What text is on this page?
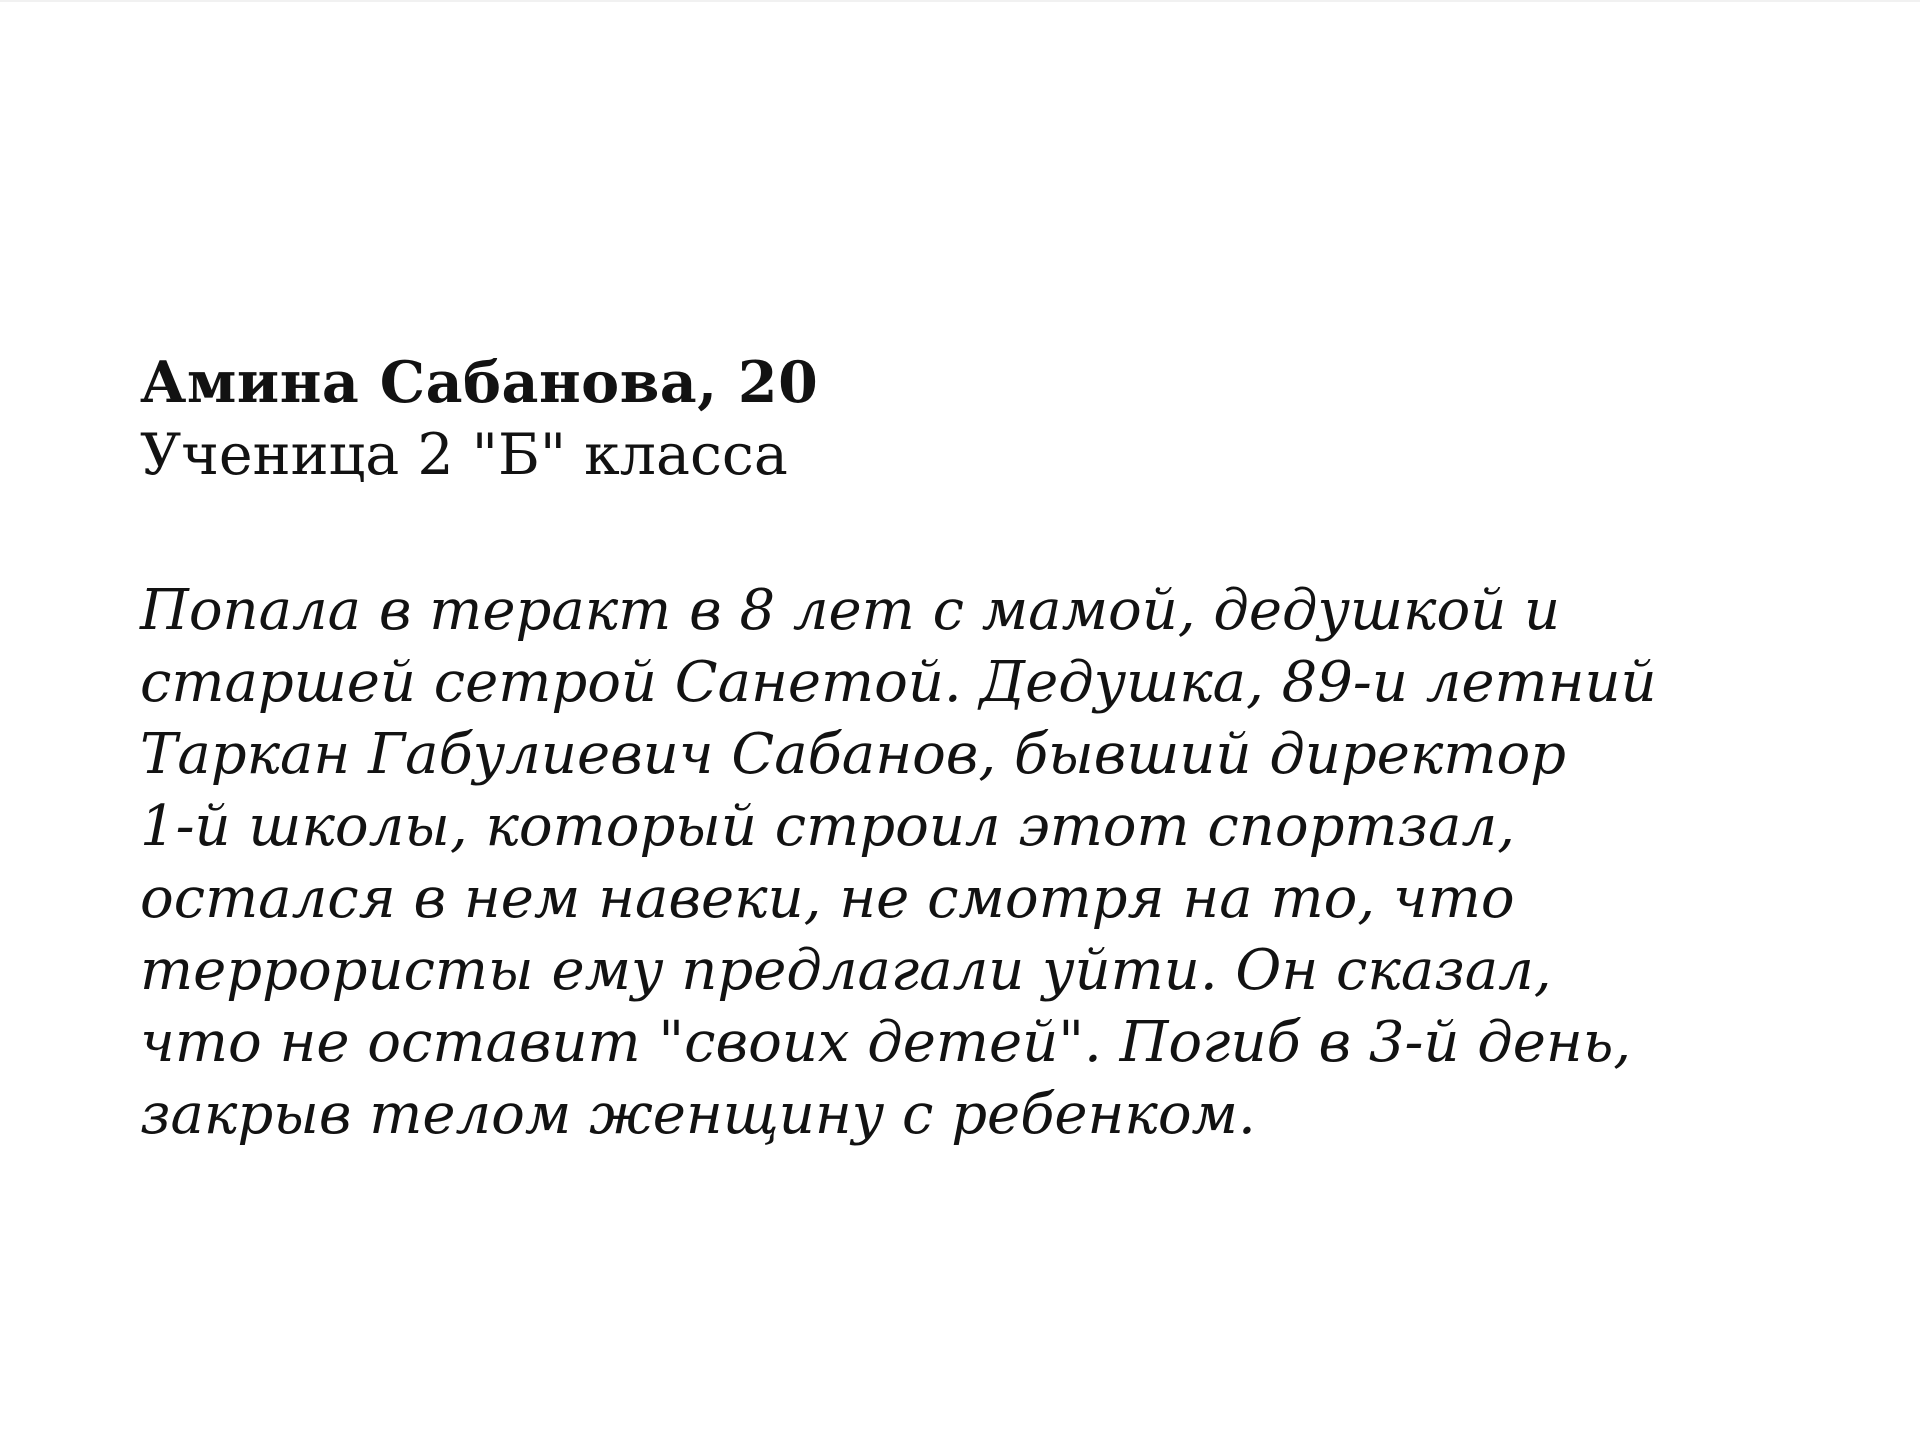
Амина Сабанова, 20
Ученица 2 "Б" класса
Попала в теракт в 8 лет с мамой, дедушкой и
старшей сетрой Санетой. Дедушка, 89-и летний
Таркан Габулиевич Сабанов, бывший директор
1-й школы, который строил этот спортзал,
остался в нем навеки, не смотря на то, что
террористы ему предлагали уйти. Он сказал,
что не оставит "своих детей". Погиб в 3-й день,
закрыв телом женщину с ребенком.
